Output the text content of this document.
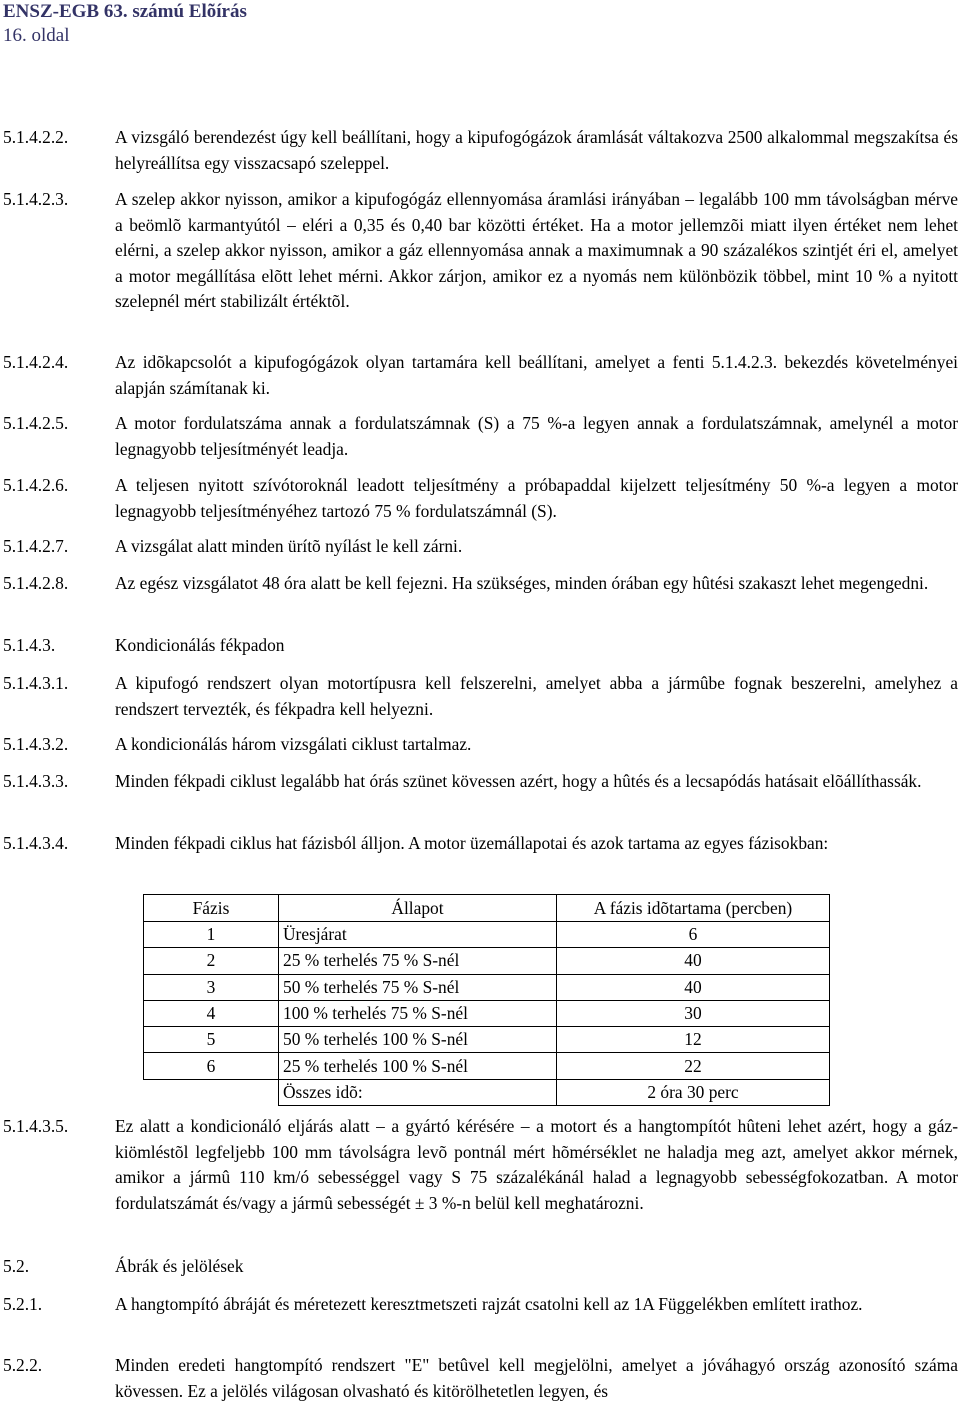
ENSZ-EGB 63. számú Elõírás
16. oldal
5.1.4.2.2.	A vizsgáló berendezést úgy kell beállítani, hogy a kipufogógázok áramlását váltakozva 2500 alkalommal megszakítsa és helyreállítsa egy visszacsapó szeleppel.
5.1.4.2.3.	A szelep akkor nyisson, amikor a kipufogógáz ellennyomása áramlási irányában – legalább 100 mm távolságban mérve a beömlõ karmantyútól – eléri a 0,35 és 0,40 bar közötti értéket. Ha a motor jellemzõi miatt ilyen értéket nem lehet elérni, a szelep akkor nyisson, amikor a gáz ellennyomása annak a maximumnak a 90 százalékos szintjét éri el, amelyet a motor megállítása elõtt lehet mérni. Akkor zárjon, amikor ez a nyomás nem különbözik többel, mint 10 % a nyitott szelepnél mért stabilizált értéktõl.
5.1.4.2.4.	Az idõkapcsolót a kipufogógázok olyan tartamára kell beállítani, amelyet a fenti 5.1.4.2.3. bekezdés követelményei alapján számítanak ki.
5.1.4.2.5.	A motor fordulatszáma annak a fordulatszámnak (S) a 75 %-a legyen annak a fordulatszámnak, amelynél a motor legnagyobb teljesítményét leadja.
5.1.4.2.6.	A teljesen nyitott szívótoroknál leadott teljesítmény a próbapaddal kijelzett teljesítmény 50 %-a legyen a motor legnagyobb teljesítményéhez tartozó 75 % fordulatszámnál (S).
5.1.4.2.7.	A vizsgálat alatt minden ürítõ nyílást le kell zárni.
5.1.4.2.8.	Az egész vizsgálatot 48 óra alatt be kell fejezni. Ha szükséges, minden órában egy hûtési szakaszt lehet megengedni.
5.1.4.3.	Kondicionálás fékpadon
5.1.4.3.1.	A kipufogó rendszert olyan motortípusra kell felszerelni, amelyet abba a jármûbe fognak beszerelni, amelyhez a rendszert tervezték, és fékpadra kell helyezni.
5.1.4.3.2.	A kondicionálás három vizsgálati ciklust tartalmaz.
5.1.4.3.3.	Minden fékpadi ciklust legalább hat órás szünet kövessen azért, hogy a hûtés és a lecsapódás hatásait elõállíthassák.
5.1.4.3.4.	Minden fékpadi ciklus hat fázisból álljon. A motor üzemállapotai és azok tartama az egyes fázisokban:
Fázis	Állapot	A fázis idõtartama (percben)
1	Üresjárat	6
2	25 % terhelés 75 % S-nél	40
3	50 % terhelés 75 % S-nél	40
4	100 % terhelés 75 % S-nél	30
5	50 % terhelés 100 % S-nél	12
6	25 % terhelés 100 % S-nél	22
	Összes idõ:	2 óra 30 perc
5.1.4.3.5.	Ez alatt a kondicionáló eljárás alatt – a gyártó kérésére – a motort és a hangtompítót hûteni lehet azért, hogy a gáz-kiömléstõl legfeljebb 100 mm távolságra levõ pontnál mért hõmérséklet ne haladja meg azt, amelyet akkor mérnek, amikor a jármû 110 km/ó sebességgel vagy S 75 százalékánál halad a legnagyobb sebességfokozatban. A motor fordulatszámát és/vagy a jármû sebességét ± 3 %-n belül kell meghatározni.
5.2.	Ábrák és jelölések
5.2.1.	A hangtompító ábráját és méretezett keresztmetszeti rajzát csatolni kell az 1A Függelékben említett irathoz.
5.2.2.	Minden eredeti hangtompító rendszert "E" betûvel kell megjelölni, amelyet a jóváhagyó ország azonosító száma kövessen. Ez a jelölés világosan olvasható és kitörölhetetlen legyen, és
